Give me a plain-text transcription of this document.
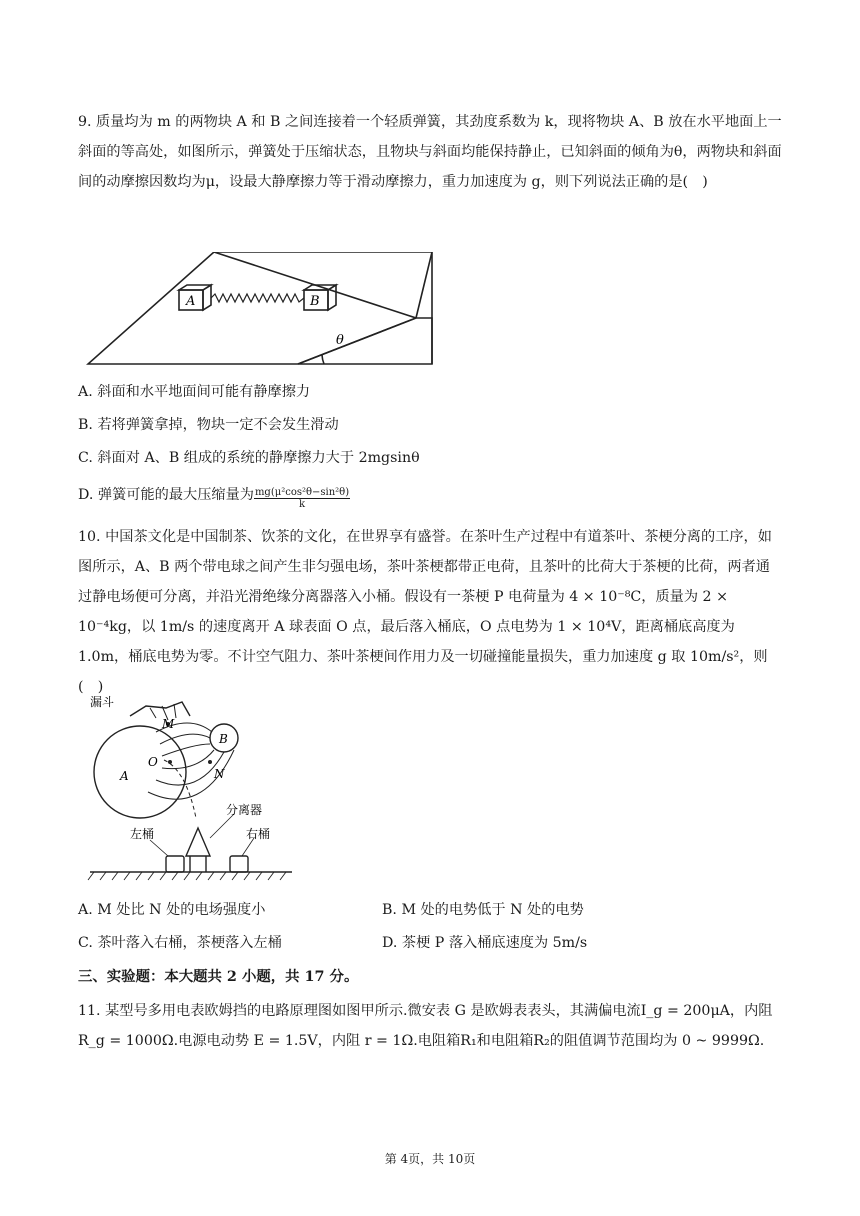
9. 质量均为 m 的两物块 A 和 B 之间连接着一个轻质弹簧，其劲度系数为 k，现将物块 A、B 放在水平地面上一斜面的等高处，如图所示，弹簧处于压缩状态，且物块与斜面均能保持静止，已知斜面的倾角为θ，两物块和斜面间的动摩擦因数均为μ，设最大静摩擦力等于滑动摩擦力，重力加速度为 g，则下列说法正确的是(　)

A	B
θ

A. 斜面和水平地面间可能有静摩擦力

B. 若将弹簧拿掉，物块一定不会发生滑动

C. 斜面对 A、B 组成的系统的静摩擦力大于 2mgsinθ

D. 弹簧可能的最大压缩量为 $\frac{\text{mg(μ²cos²θ−sin²θ)}}{k}$

10. 中国茶文化是中国制茶、饮茶的文化，在世界享有盛誉。在茶叶生产过程中有道茶叶、茶梗分离的工序，如图所示，A、B 两个带电球之间产生非匀强电场，茶叶茶梗都带正电荷，且茶叶的比荷大于茶梗的比荷，两者通过静电场便可分离，并沿光滑绝缘分离器落入小桶。假设有一茶梗 P 电荷量为 4 × 10⁻⁸C，质量为 2 × 10⁻⁴kg，以 1m/s 的速度离开 A 球表面 O 点，最后落入桶底，O 点电势为 1 × 10⁴V，距离桶底高度为 1.0m，桶底电势为零。不计空气阻力、茶叶茶梗间作用力及一切碰撞能量损失，重力加速度 g 取 10m/s²，则(　)

漏斗
M
O
N
A
B
分离器
左桶	右桶

A. M 处比 N 处的电场强度小	B. M 处的电势低于 N 处的电势

C. 茶叶落入右桶，茶梗落入左桶	D. 茶梗 P 落入桶底速度为 5m/s

三、实验题：本大题共 2 小题，共 17 分。

11. 某型号多用电表欧姆挡的电路原理图如图甲所示.微安表 G 是欧姆表表头，其满偏电流I_g = 200μA，内阻R_g = 1000Ω.电源电动势 E = 1.5V，内阻 r = 1Ω.电阻箱R₁和电阻箱R₂的阻值调节范围均为 0 ~ 9999Ω.

第 4页，共 10页
